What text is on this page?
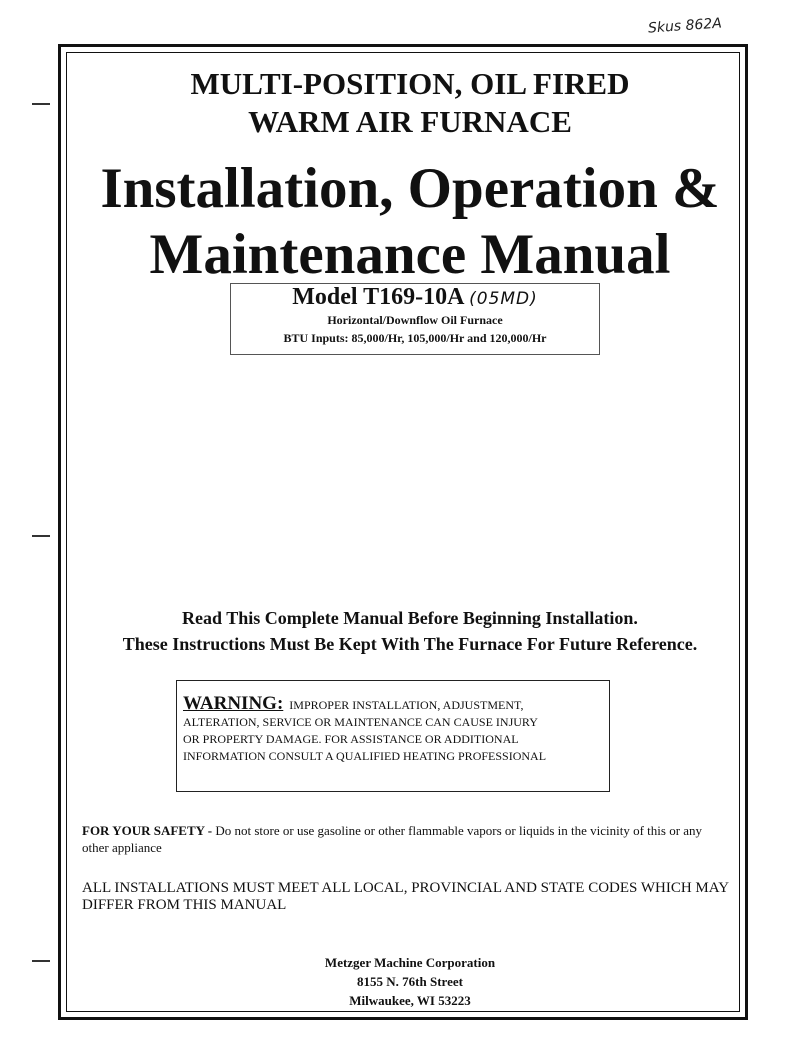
Skus 862A
MULTI-POSITION, OIL FIRED
WARM AIR FURNACE
Installation, Operation &
Maintenance Manual
Model T169-10A (05MD)
Horizontal/Downflow Oil Furnace
BTU Inputs: 85,000/Hr, 105,000/Hr and 120,000/Hr
Read This Complete Manual Before Beginning Installation.
These Instructions Must Be Kept With The Furnace For Future Reference.
WARNING: IMPROPER INSTALLATION, ADJUSTMENT,
ALTERATION, SERVICE OR MAINTENANCE CAN CAUSE INJURY
OR PROPERTY DAMAGE. FOR ASSISTANCE OR ADDITIONAL
INFORMATION CONSULT A QUALIFIED HEATING PROFESSIONAL
FOR YOUR SAFETY - Do not store or use gasoline or other flammable vapors or liquids in the vicinity of this or any other appliance
ALL INSTALLATIONS MUST MEET ALL LOCAL, PROVINCIAL AND STATE CODES WHICH MAY DIFFER FROM THIS MANUAL
Metzger Machine Corporation
8155 N. 76th Street
Milwaukee, WI 53223
